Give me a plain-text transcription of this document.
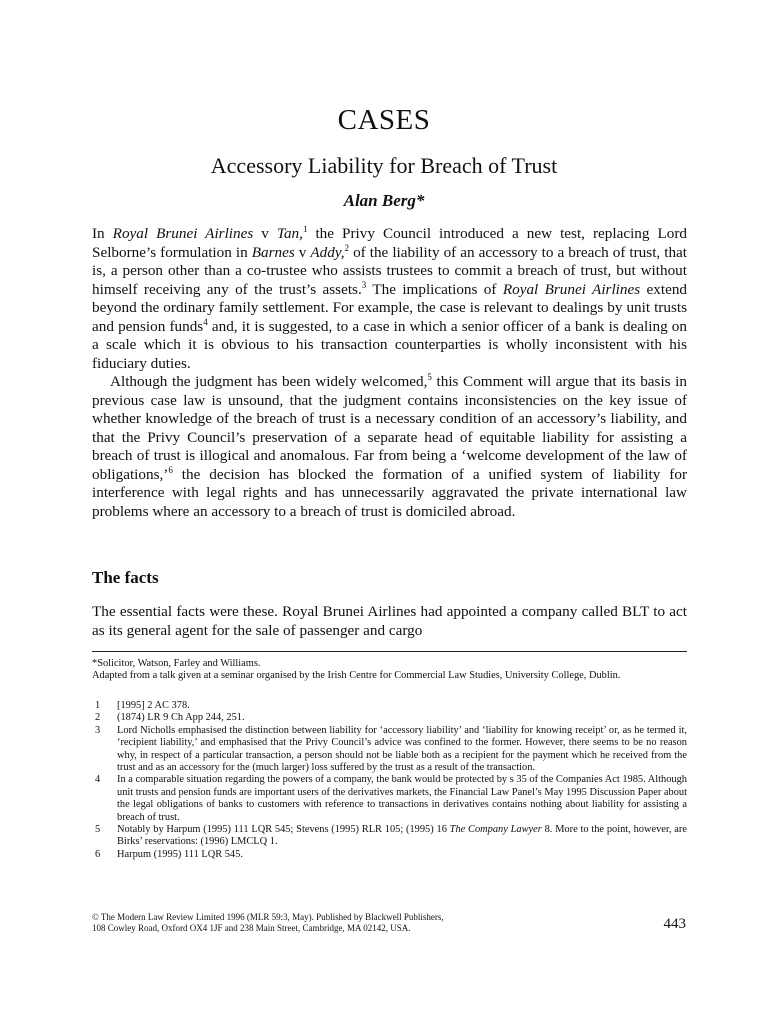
CASES
Accessory Liability for Breach of Trust
Alan Berg*

In Royal Brunei Airlines v Tan,$^1$ the Privy Council introduced a new test, replacing Lord Selborne’s formulation in Barnes v Addy,$^2$ of the liability of an accessory to a breach of trust, that is, a person other than a co-trustee who assists trustees to commit a breach of trust, but without himself receiving any of the trust’s assets.$^3$ The implications of Royal Brunei Airlines extend beyond the ordinary family settlement. For example, the case is relevant to dealings by unit trusts and pension funds$^4$ and, it is suggested, to a case in which a senior officer of a bank is dealing on a scale which it is obvious to his transaction counterparties is wholly inconsistent with his fiduciary duties.

Although the judgment has been widely welcomed,$^5$ this Comment will argue that its basis in previous case law is unsound, that the judgment contains inconsistencies on the key issue of whether knowledge of the breach of trust is a necessary condition of an accessory’s liability, and that the Privy Council’s preservation of a separate head of equitable liability for assisting a breach of trust is illogical and anomalous. Far from being a ‘welcome development of the law of obligations,’$^6$ the decision has blocked the formation of a unified system of liability for interference with legal rights and has unnecessarily aggravated the private international law problems where an accessory to a breach of trust is domiciled abroad.

The facts

The essential facts were these. Royal Brunei Airlines had appointed a company called BLT to act as its general agent for the sale of passenger and cargo

*Solicitor, Watson, Farley and Williams.
Adapted from a talk given at a seminar organised by the Irish Centre for Commercial Law Studies, University College, Dublin.
1	[1995] 2 AC 378.
2	(1874) LR 9 Ch App 244, 251.
3	Lord Nicholls emphasised the distinction between liability for ‘accessory liability’ and ‘liability for knowing receipt’ or, as he termed it, ‘recipient liability,’ and emphasised that the Privy Council’s advice was confined to the former. However, there seems to be no reason why, in respect of a particular transaction, a person should not be liable both as a recipient for the payment which he received from the trust and as an accessory for the (much larger) loss suffered by the trust as a result of the transaction.
4	In a comparable situation regarding the powers of a company, the bank would be protected by s 35 of the Companies Act 1985. Although unit trusts and pension funds are important users of the derivatives markets, the Financial Law Panel’s May 1995 Discussion Paper about the legal obligations of banks to customers with reference to transactions in derivatives contains nothing about liability for assisting a breach of trust.
5	Notably by Harpum (1995) 111 LQR 545; Stevens (1995) RLR 105; (1995) 16 The Company Lawyer 8. More to the point, however, are Birks’ reservations: (1996) LMCLQ 1.
6	Harpum (1995) 111 LQR 545.
© The Modern Law Review Limited 1996 (MLR 59:3, May). Published by Blackwell Publishers,
108 Cowley Road, Oxford OX4 1JF and 238 Main Street, Cambridge, MA 02142, USA.	443
